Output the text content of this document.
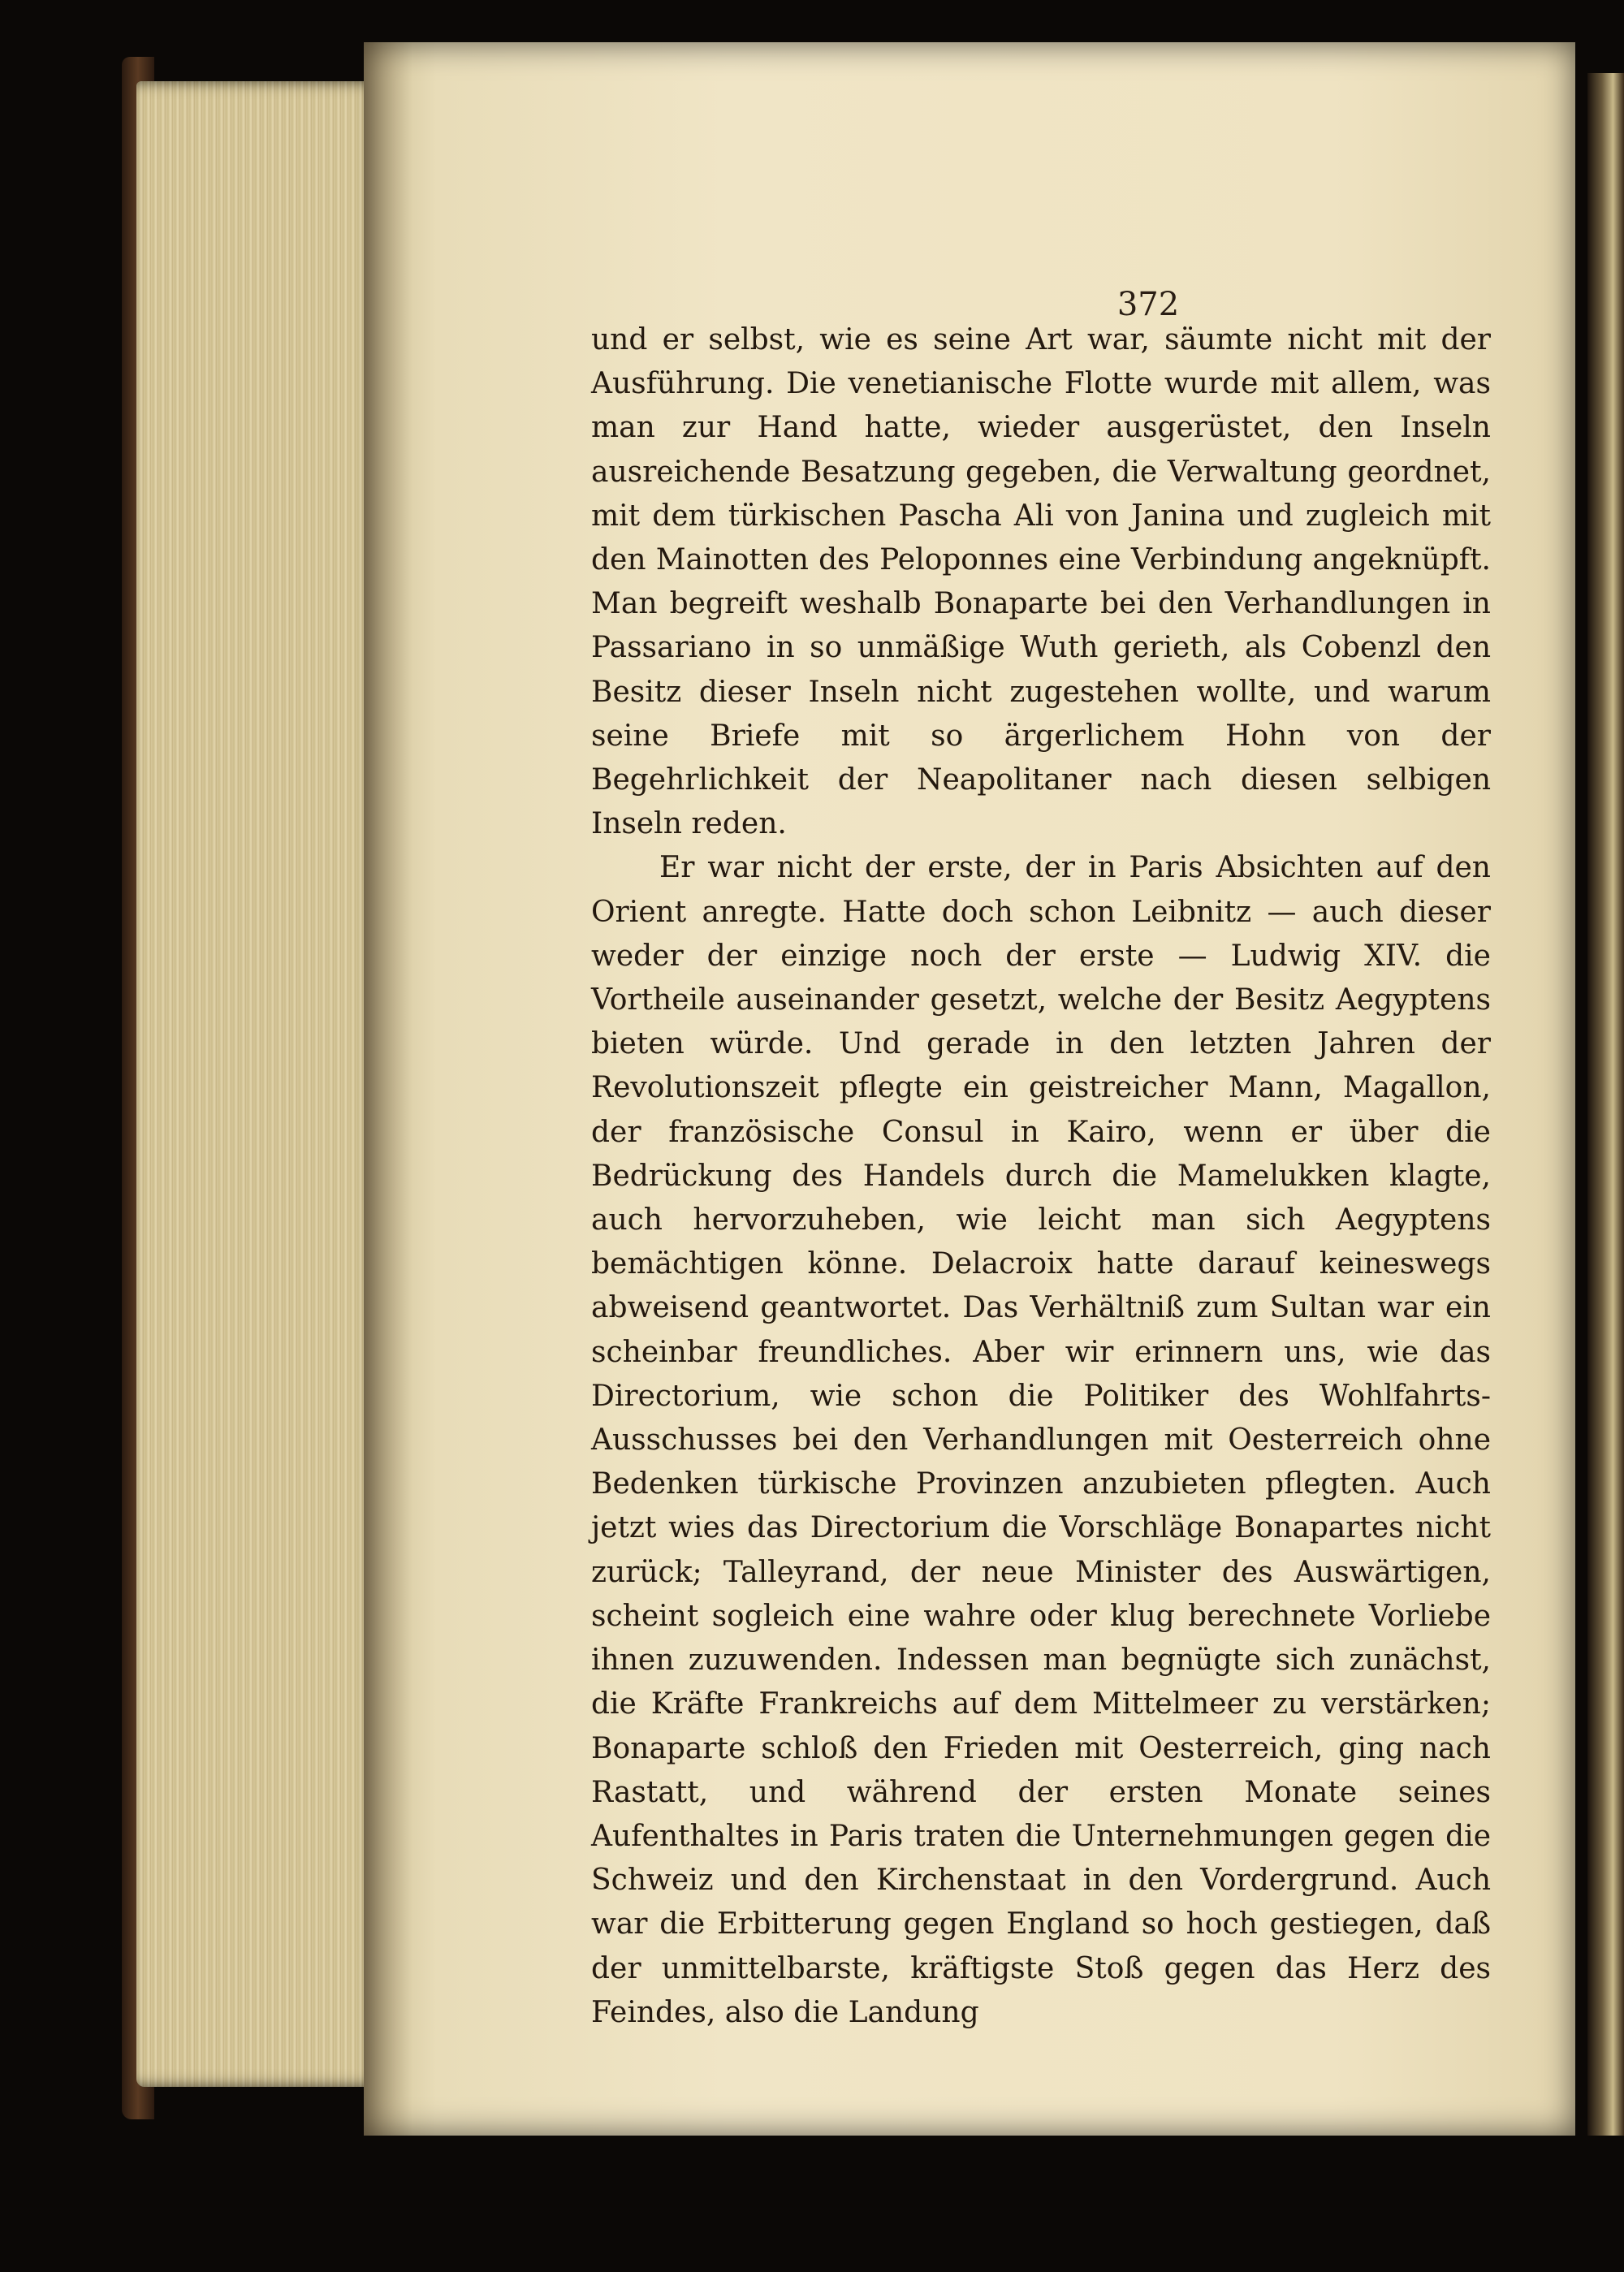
372

und er selbst, wie es seine Art war, säumte nicht mit der Ausführung. Die venetianische Flotte wurde mit allem, was man zur Hand hatte, wieder ausgerüstet, den Inseln ausreichende Besatzung gegeben, die Verwaltung geordnet, mit dem türkischen Pascha Ali von Janina und zugleich mit den Mainotten des Peloponnes eine Verbindung angeknüpft. Man begreift weshalb Bonaparte bei den Verhandlungen in Passariano in so unmäßige Wuth gerieth, als Cobenzl den Besitz dieser Inseln nicht zugestehen wollte, und warum seine Briefe mit so ärgerlichem Hohn von der Begehrlichkeit der Neapolitaner nach diesen selbigen Inseln reden.

Er war nicht der erste, der in Paris Absichten auf den Orient anregte. Hatte doch schon Leibnitz — auch dieser weder der einzige noch der erste — Ludwig XIV. die Vortheile auseinander gesetzt, welche der Besitz Aegyptens bieten würde. Und gerade in den letzten Jahren der Revolutionszeit pflegte ein geistreicher Mann, Magallon, der französische Consul in Kairo, wenn er über die Bedrückung des Handels durch die Mamelukken klagte, auch hervorzuheben, wie leicht man sich Aegyptens bemächtigen könne. Delacroix hatte darauf keineswegs abweisend geantwortet. Das Verhältniß zum Sultan war ein scheinbar freundliches. Aber wir erinnern uns, wie das Directorium, wie schon die Politiker des Wohlfahrts-Ausschusses bei den Verhandlungen mit Oesterreich ohne Bedenken türkische Provinzen anzubieten pflegten. Auch jetzt wies das Directorium die Vorschläge Bonapartes nicht zurück; Talleyrand, der neue Minister des Auswärtigen, scheint sogleich eine wahre oder klug berechnete Vorliebe ihnen zuzuwenden. Indessen man begnügte sich zunächst, die Kräfte Frankreichs auf dem Mittelmeer zu verstärken; Bonaparte schloß den Frieden mit Oesterreich, ging nach Rastatt, und während der ersten Monate seines Aufenthaltes in Paris traten die Unternehmungen gegen die Schweiz und den Kirchenstaat in den Vordergrund. Auch war die Erbitterung gegen England so hoch gestiegen, daß der unmittelbarste, kräftigste Stoß gegen das Herz des Feindes, also die Landung
